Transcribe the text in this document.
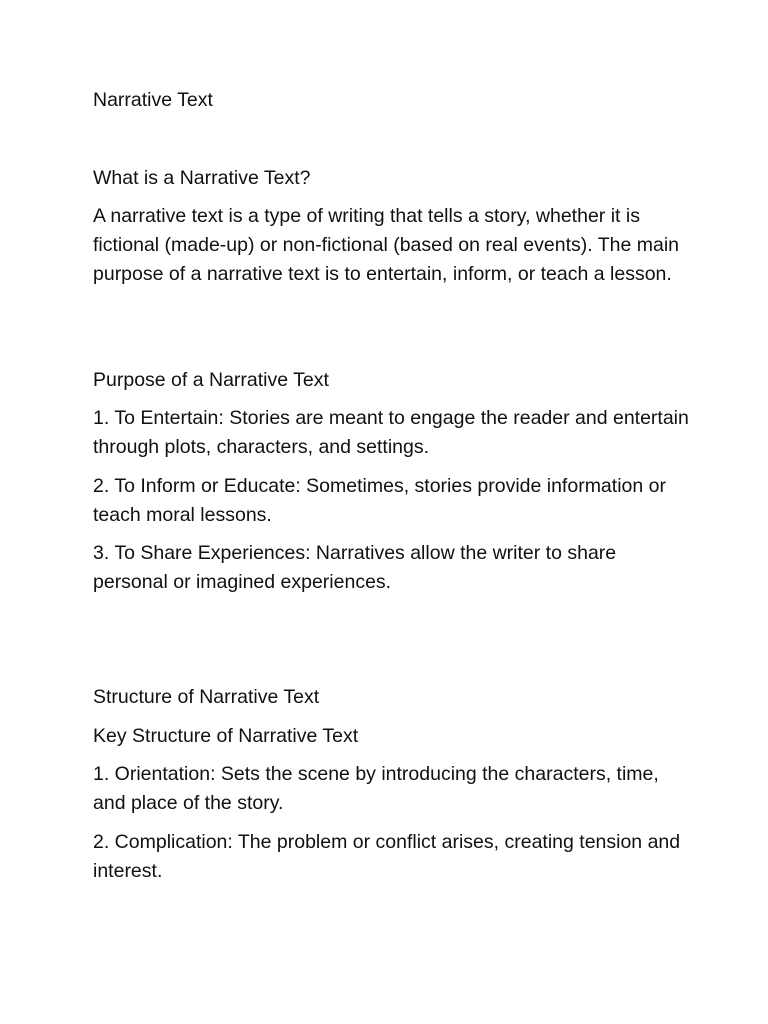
Narrative Text

What is a Narrative Text?

A narrative text is a type of writing that tells a story, whether it is fictional (made-up) or non-fictional (based on real events). The main purpose of a narrative text is to entertain, inform, or teach a lesson.

Purpose of a Narrative Text

1. To Entertain: Stories are meant to engage the reader and entertain through plots, characters, and settings.

2. To Inform or Educate: Sometimes, stories provide information or teach moral lessons.

3. To Share Experiences: Narratives allow the writer to share personal or imagined experiences.

Structure of Narrative Text

Key Structure of Narrative Text

1. Orientation: Sets the scene by introducing the characters, time, and place of the story.

2. Complication: The problem or conflict arises, creating tension and interest.
